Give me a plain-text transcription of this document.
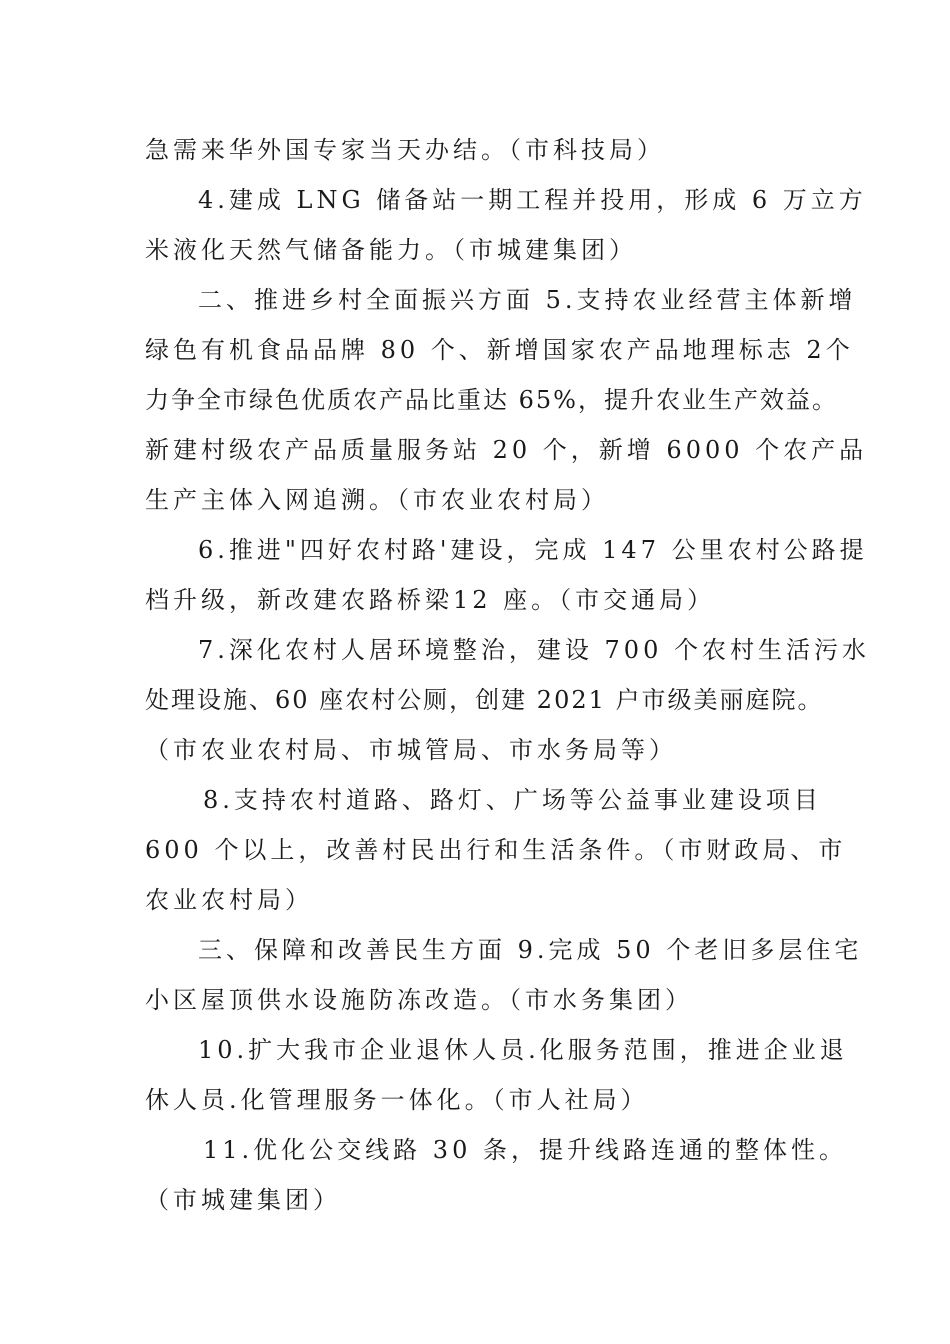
急需来华外国专家当天办结。（市科技局）
4.建成 LNG 储备站一期工程并投用，形成 6 万立方
米液化天然气储备能力。（市城建集团）
二、推进乡村全面振兴方面 5.支持农业经营主体新增
绿色有机食品品牌 80 个、新增国家农产品地理标志 2个
力争全市绿色优质农产品比重达 65%，提升农业生产效益。
新建村级农产品质量服务站 20 个，新增 6000 个农产品
生产主体入网追溯。（市农业农村局）
6.推进"四好农村路'建设，完成 147 公里农村公路提
档升级，新改建农路桥梁12 座。（市交通局）
7.深化农村人居环境整治，建设 700 个农村生活污水
处理设施、60 座农村公厕，创建 2021 户市级美丽庭院。
（市农业农村局、市城管局、市水务局等）
8.支持农村道路、路灯、广场等公益事业建设项目
600 个以上，改善村民出行和生活条件。（市财政局、市
农业农村局）
三、保障和改善民生方面 9.完成 50 个老旧多层住宅
小区屋顶供水设施防冻改造。（市水务集团）
10.扩大我市企业退休人员.化服务范围，推进企业退
休人员.化管理服务一体化。（市人社局）
11.优化公交线路 30 条，提升线路连通的整体性。
（市城建集团）
